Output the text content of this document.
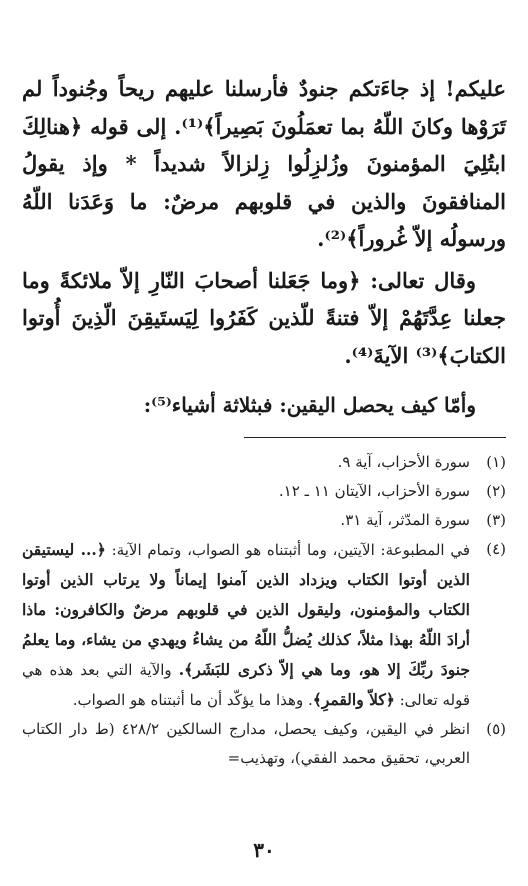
عليكم! إذ جاءَتكم جنودٌ فأرسلنا عليهم ريحاً وجُنوداً لم تَرَوْها وكانَ اللّهُ بما تعمَلُونَ بَصِيراً﴾⁽¹⁾. إلى قوله ﴿هنالِكَ ابتُلِيَ المؤمنونَ وزُلزِلُوا زِلزالاً شديداً * وإذ يقولُ المنافقونَ والذين في قلوبهم مرضٌ: ما وَعَدَنا اللّهُ ورسولُه إلاّ غُروراً﴾⁽²⁾.

وقال تعالى: ﴿وما جَعَلنا أصحابَ النّارِ إلاّ ملائكةً وما جعلنا عِدَّتَهُمْ إلاّ فتنةً للّذين كَفَرُوا لِيَستَيقِنَ الّذِينَ أُوتوا الكتابَ﴾⁽³⁾ الآيةَ⁽⁴⁾.

وأمّا كيف يحصل اليقين: فبثلاثة أشياء⁽⁵⁾:

(١)
سورة الأحزاب، آية ٩.
(٢)
سورة الأحزاب، الآيتان ١١ ـ ١٢.
(٣)
سورة المدّثر، آية ٣١.
(٤)
في المطبوعة: الآيتين، وما أثبتناه هو الصواب، وتمام الآية: ﴿... ليستيقن الذين أوتوا الكتاب ويزداد الذين آمنوا إيماناً ولا يرتاب الذين أوتوا الكتاب والمؤمنون، وليقول الذين في قلوبهم مرضٌ والكافرون: ماذا أرادَ اللّهُ بهذا مثلاً، كذلك يُضلُّ اللّهُ من يشاءُ ويهدي من يشاء، وما يعلمُ جنودَ ربِّكَ إلا هو، وما هي إلاّ ذكرى للبَشَر﴾. والآية التي بعد هذه هي قوله تعالى: ﴿كلاّ والقمرِ﴾. وهذا ما يؤكّد أن ما أثبتناه هو الصواب.
(٥)
انظر في اليقين، وكيف يحصل، مدارج السالكين ٤٢٨/٢ (ط دار الكتاب العربي، تحقيق محمد الفقي)، وتهذيب=
٣٠
